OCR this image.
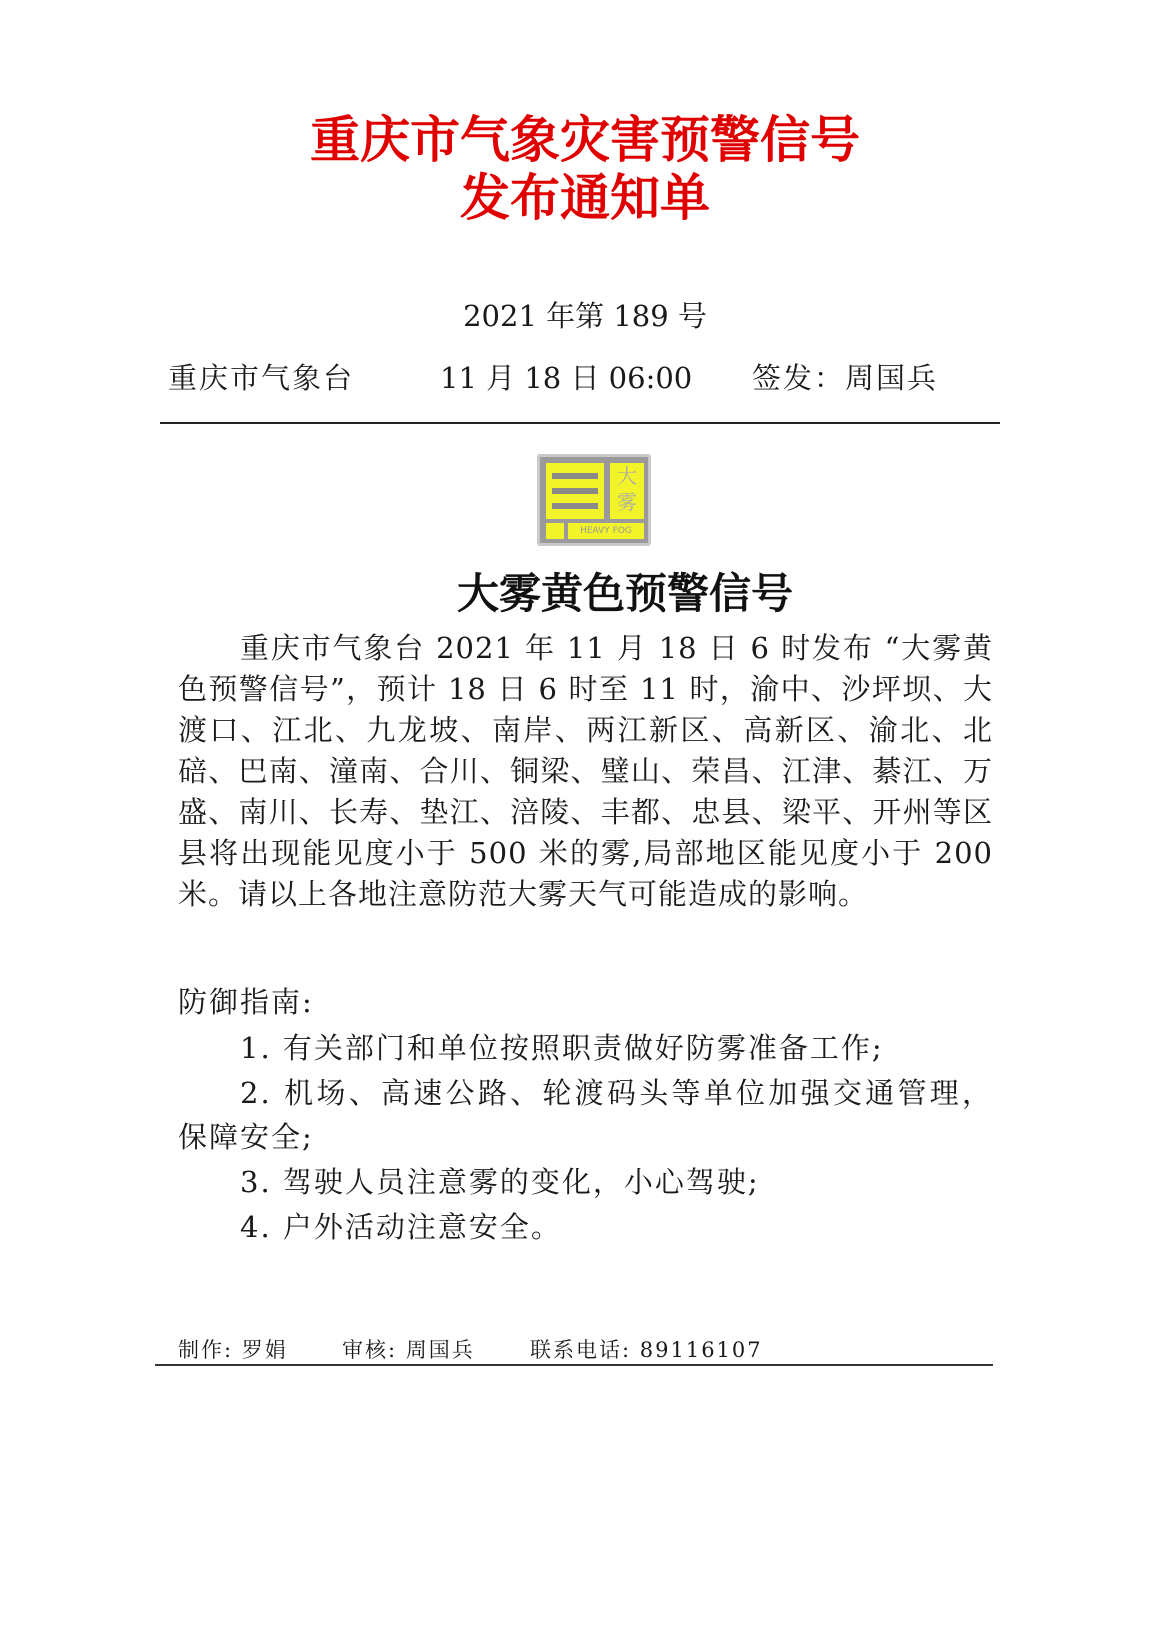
重庆市气象灾害预警信号
发布通知单
2021 年第 189 号
重庆市气象台	11 月 18 日 06:00 签发：周国兵
大
雾
HEAVY FOG
大雾黄色预警信号
重庆市气象台 2021 年 11 月 18 日 6 时发布 “大雾黄色预警信号”，预计 18 日 6 时至 11 时，渝中、沙坪坝、大渡口、江北、九龙坡、南岸、两江新区、高新区、渝北、北碚、巴南、潼南、合川、铜梁、璧山、荣昌、江津、綦江、万盛、南川、长寿、垫江、涪陵、丰都、忠县、梁平、开州等区县将出现能见度小于 500 米的雾,局部地区能见度小于 200 米。请以上各地注意防范大雾天气可能造成的影响。
防御指南:
1. 有关部门和单位按照职责做好防雾准备工作;
2. 机场、高速公路、轮渡码头等单位加强交通管理，保障安全;
3. 驾驶人员注意雾的变化，小心驾驶;
4. 户外活动注意安全。
制作: 罗娟	审核: 周国兵	联系电话: 89116107
